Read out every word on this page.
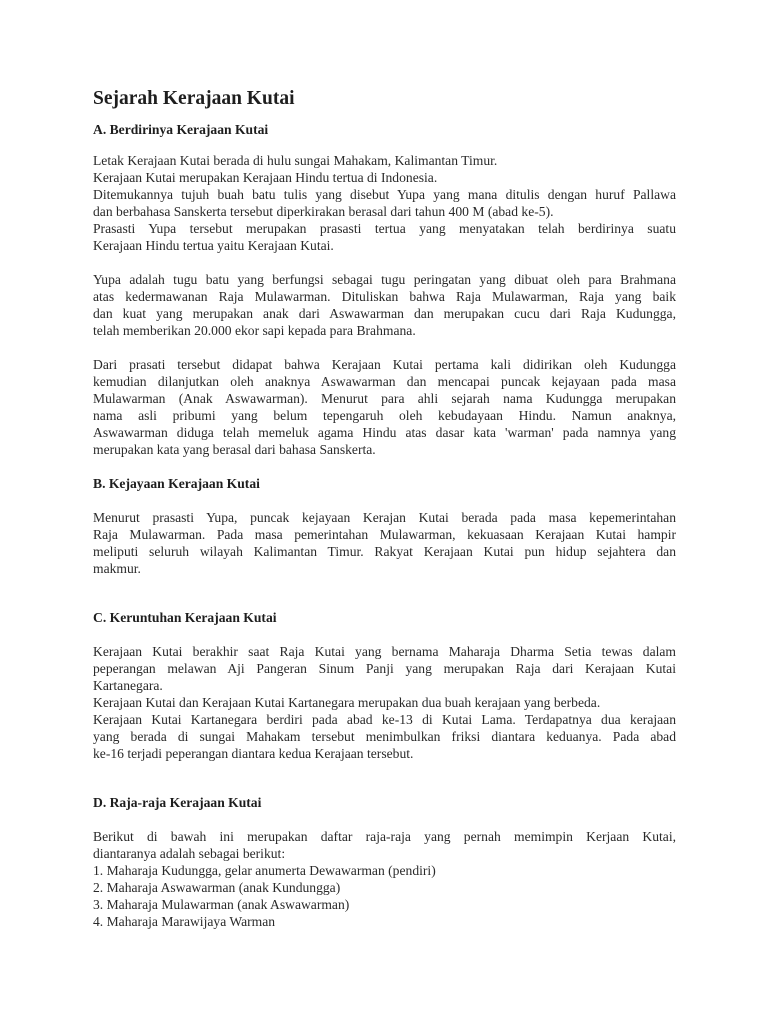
Sejarah Kerajaan Kutai
A. Berdirinya Kerajaan Kutai

Letak Kerajaan Kutai berada di hulu sungai Mahakam, Kalimantan Timur.
Kerajaan Kutai merupakan Kerajaan Hindu tertua di Indonesia.
Ditemukannya tujuh buah batu tulis yang disebut Yupa yang mana ditulis dengan huruf Pallawa
dan berbahasa Sanskerta tersebut diperkirakan berasal dari tahun 400 M (abad ke-5).
Prasasti Yupa tersebut merupakan prasasti tertua yang menyatakan telah berdirinya suatu
Kerajaan Hindu tertua yaitu Kerajaan Kutai.

Yupa adalah tugu batu yang berfungsi sebagai tugu peringatan yang dibuat oleh para Brahmana
atas kedermawanan Raja Mulawarman. Dituliskan bahwa Raja Mulawarman, Raja yang baik
dan kuat yang merupakan anak dari Aswawarman dan merupakan cucu dari Raja Kudungga,
telah memberikan 20.000 ekor sapi kepada para Brahmana.

Dari prasati tersebut didapat bahwa Kerajaan Kutai pertama kali didirikan oleh Kudungga
kemudian dilanjutkan oleh anaknya Aswawarman dan mencapai puncak kejayaan pada masa
Mulawarman (Anak Aswawarman). Menurut para ahli sejarah nama Kudungga merupakan
nama asli pribumi yang belum tepengaruh oleh kebudayaan Hindu. Namun anaknya,
Aswawarman diduga telah memeluk agama Hindu atas dasar kata 'warman' pada namnya yang
merupakan kata yang berasal dari bahasa Sanskerta.

B. Kejayaan Kerajaan Kutai

Menurut prasasti Yupa, puncak kejayaan Kerajan Kutai berada pada masa kepemerintahan
Raja Mulawarman. Pada masa pemerintahan Mulawarman, kekuasaan Kerajaan Kutai hampir
meliputi seluruh wilayah Kalimantan Timur. Rakyat Kerajaan Kutai pun hidup sejahtera dan
makmur.

C. Keruntuhan Kerajaan Kutai

Kerajaan Kutai berakhir saat Raja Kutai yang bernama Maharaja Dharma Setia tewas dalam
peperangan melawan Aji Pangeran Sinum Panji yang merupakan Raja dari Kerajaan Kutai
Kartanegara.
Kerajaan Kutai dan Kerajaan Kutai Kartanegara merupakan dua buah kerajaan yang berbeda.
Kerajaan Kutai Kartanegara berdiri pada abad ke-13 di Kutai Lama. Terdapatnya dua kerajaan
yang berada di sungai Mahakam tersebut menimbulkan friksi diantara keduanya. Pada abad
ke-16 terjadi peperangan diantara kedua Kerajaan tersebut.

D. Raja-raja Kerajaan Kutai

Berikut di bawah ini merupakan daftar raja-raja yang pernah memimpin Kerjaan Kutai,
diantaranya adalah sebagai berikut:
1. Maharaja Kudungga, gelar anumerta Dewawarman (pendiri)
2. Maharaja Aswawarman (anak Kundungga)
3. Maharaja Mulawarman (anak Aswawarman)
4. Maharaja Marawijaya Warman
